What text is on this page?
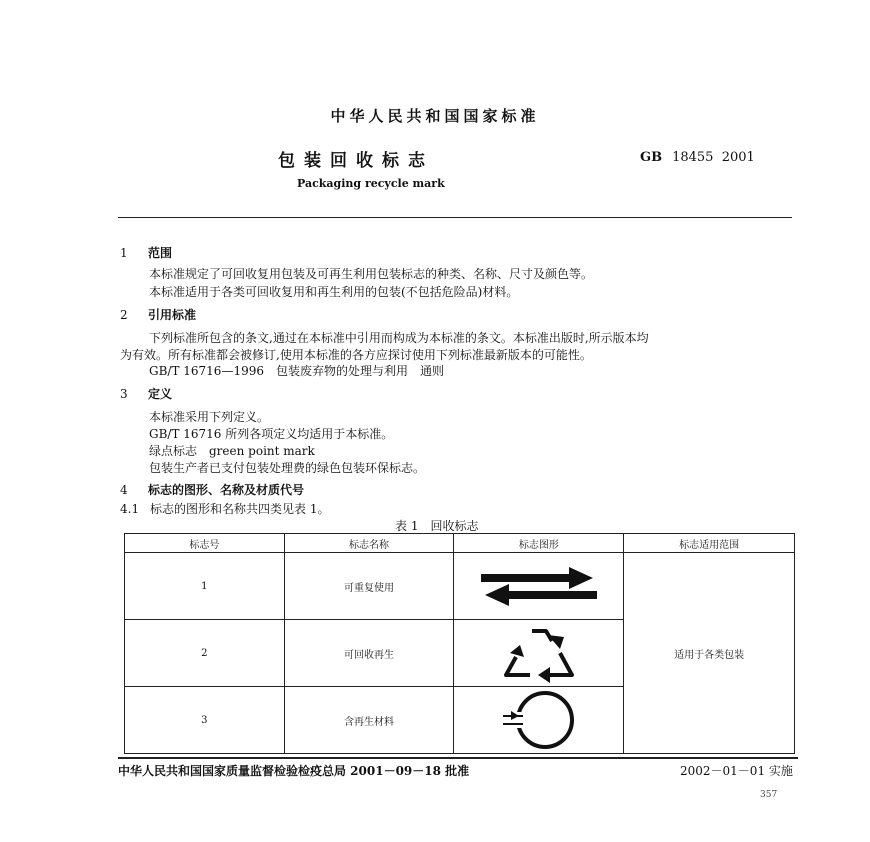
中华人民共和国国家标准
包装回收标志	GB 18455 2001
Packaging recycle mark
1 范围
本标准规定了可回收复用包装及可再生利用包装标志的种类、名称、尺寸及颜色等。
本标准适用于各类可回收复用和再生利用的包装(不包括危险品)材料。
2 引用标准
下列标准所包含的条文,通过在本标准中引用而构成为本标准的条文。本标准出版时,所示版本均
为有效。所有标准都会被修订,使用本标准的各方应探讨使用下列标准最新版本的可能性。
GB/T 16716—1996　包装废弃物的处理与利用　通则
3 定义
本标准采用下列定义。
GB/T 16716 所列各项定义均适用于本标准。
绿点标志　green point mark
包装生产者已支付包装处理费的绿色包装环保标志。
4 标志的图形、名称及材质代号
4.1 标志的图形和名称共四类见表 1。
表 1　回收标志
标志号	标志名称	标志图形	标志适用范围
1	可重复使用		适用于各类包装
2	可回收再生	

3	含再生材料	
中华人民共和国国家质量监督检验检疫总局 2001－09－18 批准	2002－01－01 实施
357
